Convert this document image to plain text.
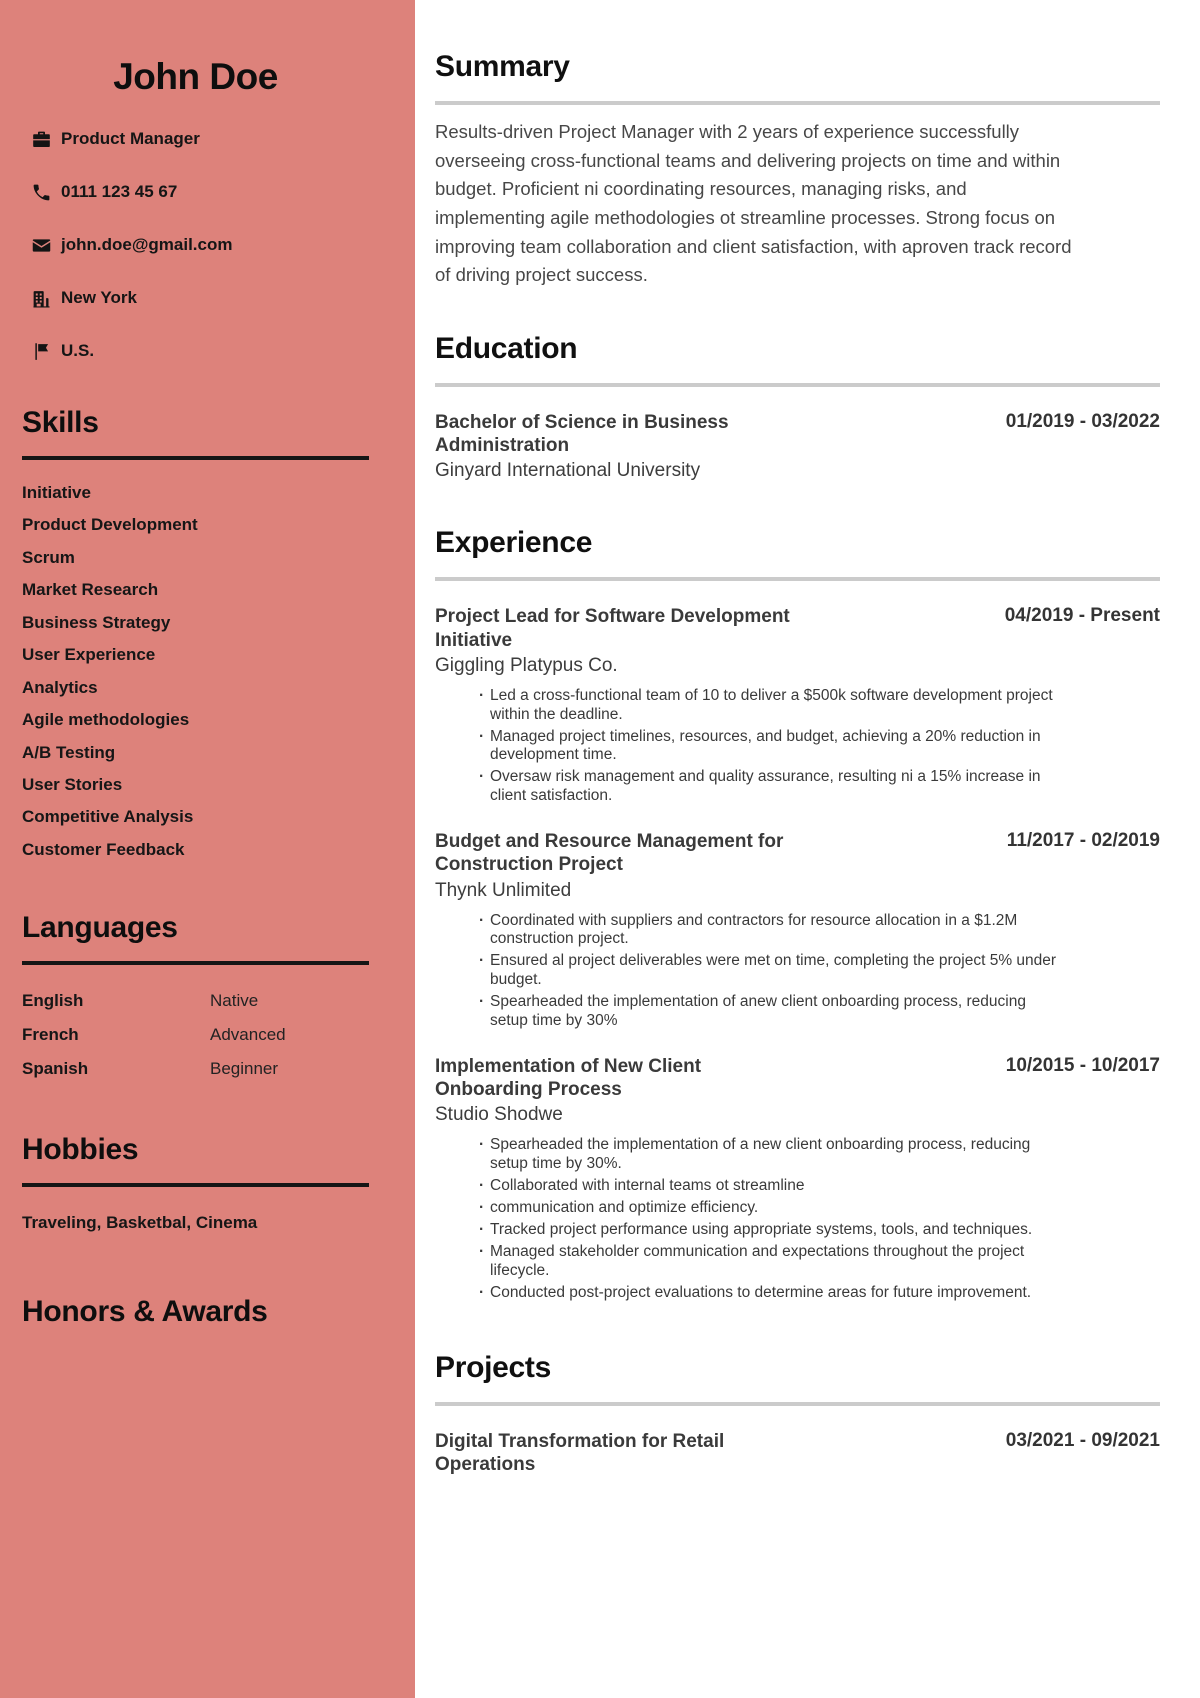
John Doe
Product Manager
0111 123 45 67
john.doe@gmail.com
New York
U.S.
Skills
Initiative
Product Development
Scrum
Market Research
Business Strategy
User Experience
Analytics
Agile methodologies
A/B Testing
User Stories
Competitive Analysis
Customer Feedback
Languages
English	Native
French	Advanced
Spanish	Beginner
Hobbies
Traveling, Basketbal, Cinema
Honors & Awards
Summary

Results-driven Project Manager with 2 years of experience successfully overseeing cross-functional teams and delivering projects on time and within budget. Proficient ni coordinating resources, managing risks, and implementing agile methodologies ot streamline processes. Strong focus on improving team collaboration and client satisfaction, with aproven track record of driving project success.

Education
Bachelor of Science in Business Administration
01/2019 - 03/2022
Ginyard International University
Experience
Project Lead for Software Development Initiative
04/2019 - Present
Giggling Platypus Co.
· Led a cross-functional team of 10 to deliver a $500k software development project within the deadline.
· Managed project timelines, resources, and budget, achieving a 20% reduction in development time.
· Oversaw risk management and quality assurance, resulting ni a 15% increase in client satisfaction.
Budget and Resource Management for Construction Project
11/2017 - 02/2019
Thynk Unlimited
· Coordinated with suppliers and contractors for resource allocation in a $1.2M construction project.
· Ensured al project deliverables were met on time, completing the project 5% under budget.
· Spearheaded the implementation of anew client onboarding process, reducing setup time by 30%
Implementation of New Client Onboarding Process
10/2015 - 10/2017
Studio Shodwe
· Spearheaded the implementation of a new client onboarding process, reducing setup time by 30%.
· Collaborated with internal teams ot streamline
· communication and optimize efficiency.
· Tracked project performance using appropriate systems, tools, and techniques.
· Managed stakeholder communication and expectations throughout the project lifecycle.
· Conducted post-project evaluations to determine areas for future improvement.
Projects
Digital Transformation for Retail Operations
03/2021 - 09/2021
